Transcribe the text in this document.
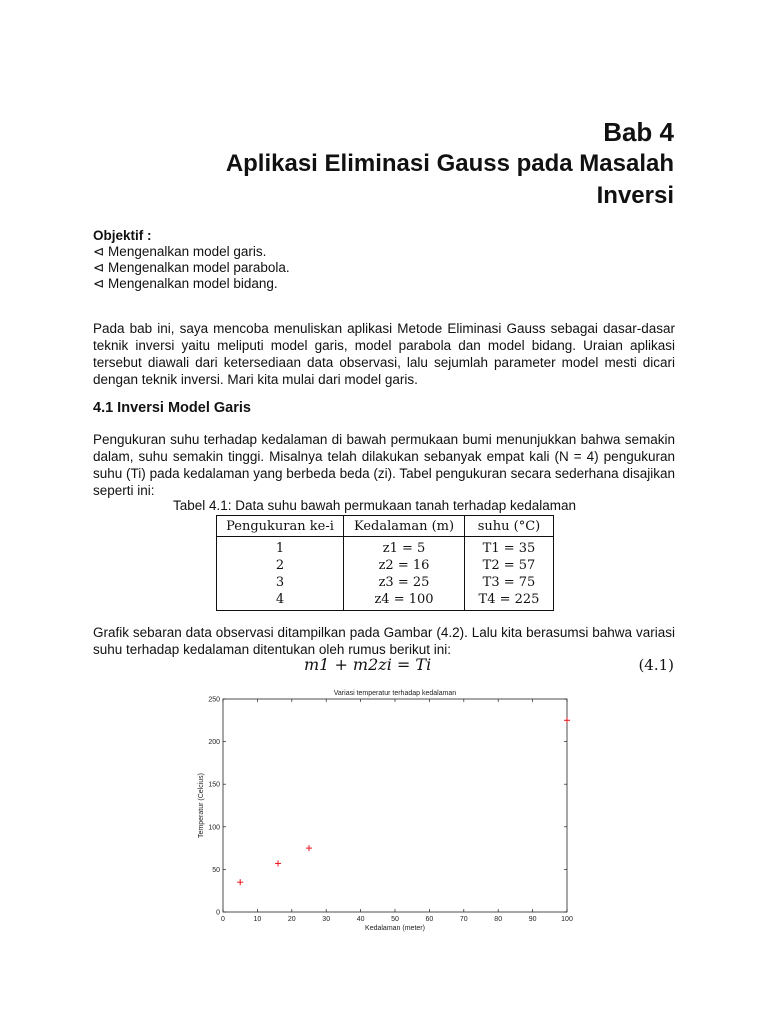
Bab 4
Aplikasi Eliminasi Gauss pada Masalah
Inversi
Objektif :
⊲ Mengenalkan model garis.
⊲ Mengenalkan model parabola.
⊲ Mengenalkan model bidang.
Pada bab ini, saya mencoba menuliskan aplikasi Metode Eliminasi Gauss sebagai dasar-dasar teknik inversi yaitu meliputi model garis, model parabola dan model bidang. Uraian aplikasi tersebut diawali dari ketersediaan data observasi, lalu sejumlah parameter model mesti dicari dengan teknik inversi. Mari kita mulai dari model garis.
4.1 Inversi Model Garis
Pengukuran suhu terhadap kedalaman di bawah permukaan bumi menunjukkan bahwa semakin dalam, suhu semakin tinggi. Misalnya telah dilakukan sebanyak empat kali (N = 4) pengukuran suhu (Ti) pada kedalaman yang berbeda beda (zi). Tabel pengukuran secara sederhana disajikan seperti ini:
Tabel 4.1: Data suhu bawah permukaan tanah terhadap kedalaman
Pengukuran ke-i	Kedalaman (m)	suhu (°C)
1	z1 = 5	T1 = 35
2	z2 = 16	T2 = 57
3	z3 = 25	T3 = 75
4	z4 = 100	T4 = 225
Grafik sebaran data observasi ditampilkan pada Gambar (4.2). Lalu kita berasumsi bahwa variasi suhu terhadap kedalaman ditentukan oleh rumus berikut ini:
m1 + m2zi = Ti	(4.1)
0	10	20	30	40	50	60	70	80	90	100
0
50
100
150
200
250
Variasi temperatur terhadap kedalaman
Kedalaman (meter)
Temperatur (Celcius)
